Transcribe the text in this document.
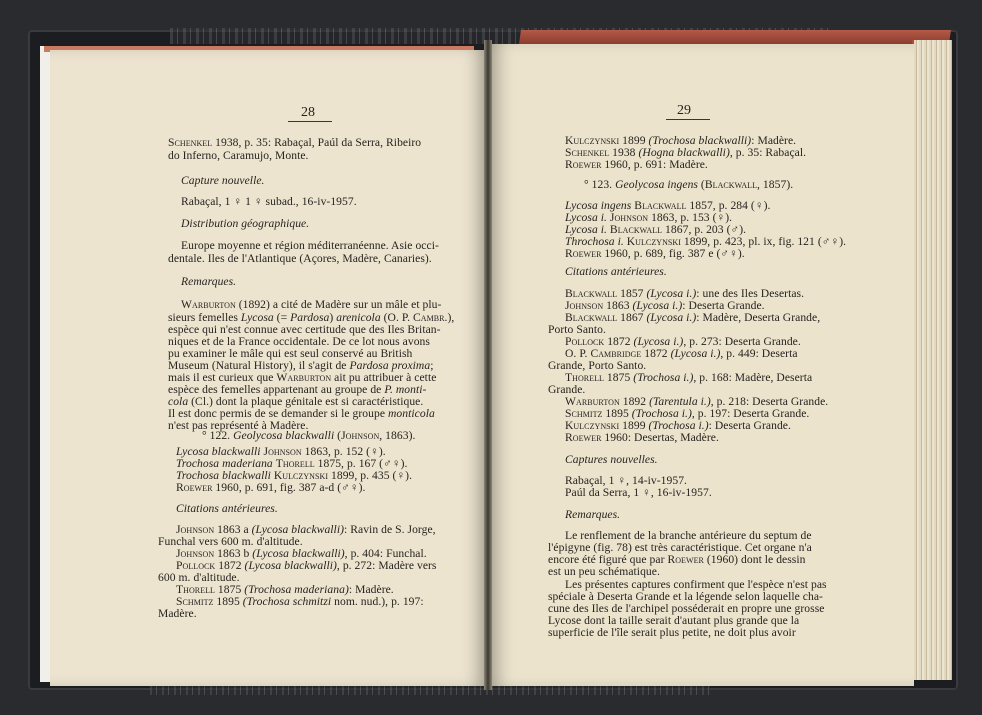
28
Schenkel 1938, p. 35: Rabaçal, Paúl da Serra, Ribeiro
do Inferno, Caramujo, Monte.
Capture nouvelle.
Rabaçal, 1 ♀ 1 ♀ subad., 16-iv-1957.
Distribution géographique.
Europe moyenne et région méditerranéenne. Asie occi-
dentale. Iles de l'Atlantique (Açores, Madère, Canaries).
Remarques.
Warburton (1892) a cité de Madère sur un mâle et plu-
sieurs femelles Lycosa (= Pardosa) arenicola (O. P. Cambr.),
espèce qui n'est connue avec certitude que des Iles Britan-
niques et de la France occidentale. De ce lot nous avons
pu examiner le mâle qui est seul conservé au British
Museum (Natural History), il s'agit de Pardosa proxima;
mais il est curieux que Warburton ait pu attribuer à cette
espèce des femelles appartenant au groupe de P. monti-
cola (Cl.) dont la plaque génitale est si caractéristique.
Il est donc permis de se demander si le groupe monticola
n'est pas représenté à Madère.
° 122. Geolycosa blackwalli (Johnson, 1863).
Lycosa blackwalli Johnson 1863, p. 152 (♀).
Trochosa maderiana Thorell 1875, p. 167 (♂♀).
Trochosa blackwalli Kulczynski 1899, p. 435 (♀).
Roewer 1960, p. 691, fig. 387 a-d (♂♀).
Citations antérieures.
Johnson 1863 a (Lycosa blackwalli): Ravin de S. Jorge,
Funchal vers 600 m. d'altitude.
Johnson 1863 b (Lycosa blackwalli), p. 404: Funchal.
Pollock 1872 (Lycosa blackwalli), p. 272: Madère vers
600 m. d'altitude.
Thorell 1875 (Trochosa maderiana): Madère.
Schmitz 1895 (Trochosa schmitzi nom. nud.), p. 197:
Madère.
29
Kulczynski 1899 (Trochosa blackwalli): Madère.
Schenkel 1938 (Hogna blackwalli), p. 35: Rabaçal.
Roewer 1960, p. 691: Madère.
° 123. Geolycosa ingens (Blackwall, 1857).
Lycosa ingens Blackwall 1857, p. 284 (♀).
Lycosa i. Johnson 1863, p. 153 (♀).
Lycosa i. Blackwall 1867, p. 203 (♂).
Throchosa i. Kulczynski 1899, p. 423, pl. ix, fig. 121 (♂♀).
Roewer 1960, p. 689, fig. 387 e (♂♀).
Citations antérieures.
Blackwall 1857 (Lycosa i.): une des Iles Desertas.
Johnson 1863 (Lycosa i.): Deserta Grande.
Blackwall 1867 (Lycosa i.): Madère, Deserta Grande,
Porto Santo.
Pollock 1872 (Lycosa i.), p. 273: Deserta Grande.
O. P. Cambridge 1872 (Lycosa i.), p. 449: Deserta
Grande, Porto Santo.
Thorell 1875 (Trochosa i.), p. 168: Madère, Deserta
Grande.
Warburton 1892 (Tarentula i.), p. 218: Deserta Grande.
Schmitz 1895 (Trochosa i.), p. 197: Deserta Grande.
Kulczynski 1899 (Trochosa i.): Deserta Grande.
Roewer 1960: Desertas, Madère.
Captures nouvelles.
Rabaçal, 1 ♀, 14-iv-1957.
Paúl da Serra, 1 ♀, 16-iv-1957.
Remarques.
Le renflement de la branche antérieure du septum de
l'épigyne (fig. 78) est très caractéristique. Cet organe n'a
encore été figuré que par Roewer (1960) dont le dessin
est un peu schématique.
Les présentes captures confirment que l'espèce n'est pas
spéciale à Deserta Grande et la légende selon laquelle cha-
cune des Iles de l'archipel posséderait en propre une grosse
Lycose dont la taille serait d'autant plus grande que la
superficie de l'île serait plus petite, ne doit plus avoir
